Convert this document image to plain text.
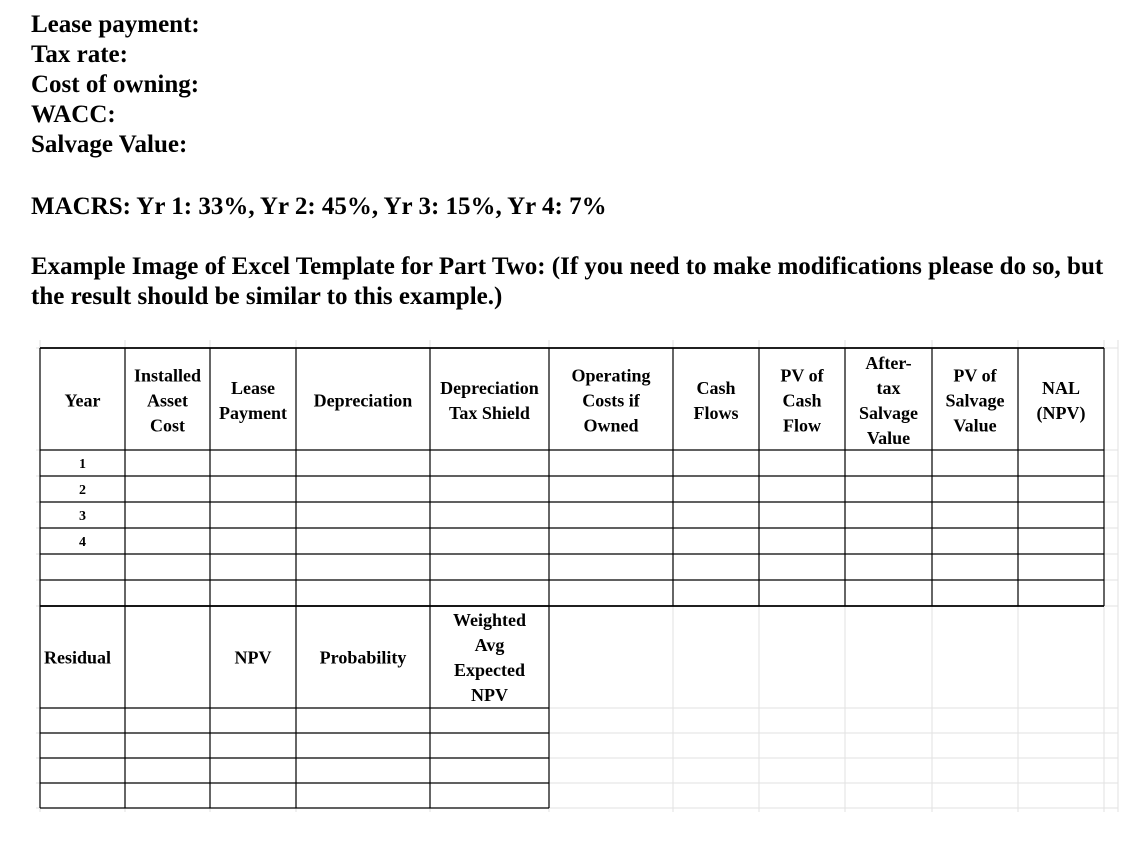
Lease payment:
Tax rate:
Cost of owning:
WACC:
Salvage Value:
MACRS: Yr 1: 33%, Yr 2: 45%, Yr 3: 15%, Yr 4: 7%
Example Image of Excel Template for Part Two: (If you need to make modifications please do so, but the result should be similar to this example.)
Year
Installed Asset Cost
Lease Payment
Depreciation
Depreciation Tax Shield
Operating Costs if Owned
Cash Flows
PV of Cash Flow
After-tax Salvage Value
PV of Salvage Value
NAL (NPV)
1
2
3
4
Residual	NPV	Probability
Weighted Avg Expected NPV
